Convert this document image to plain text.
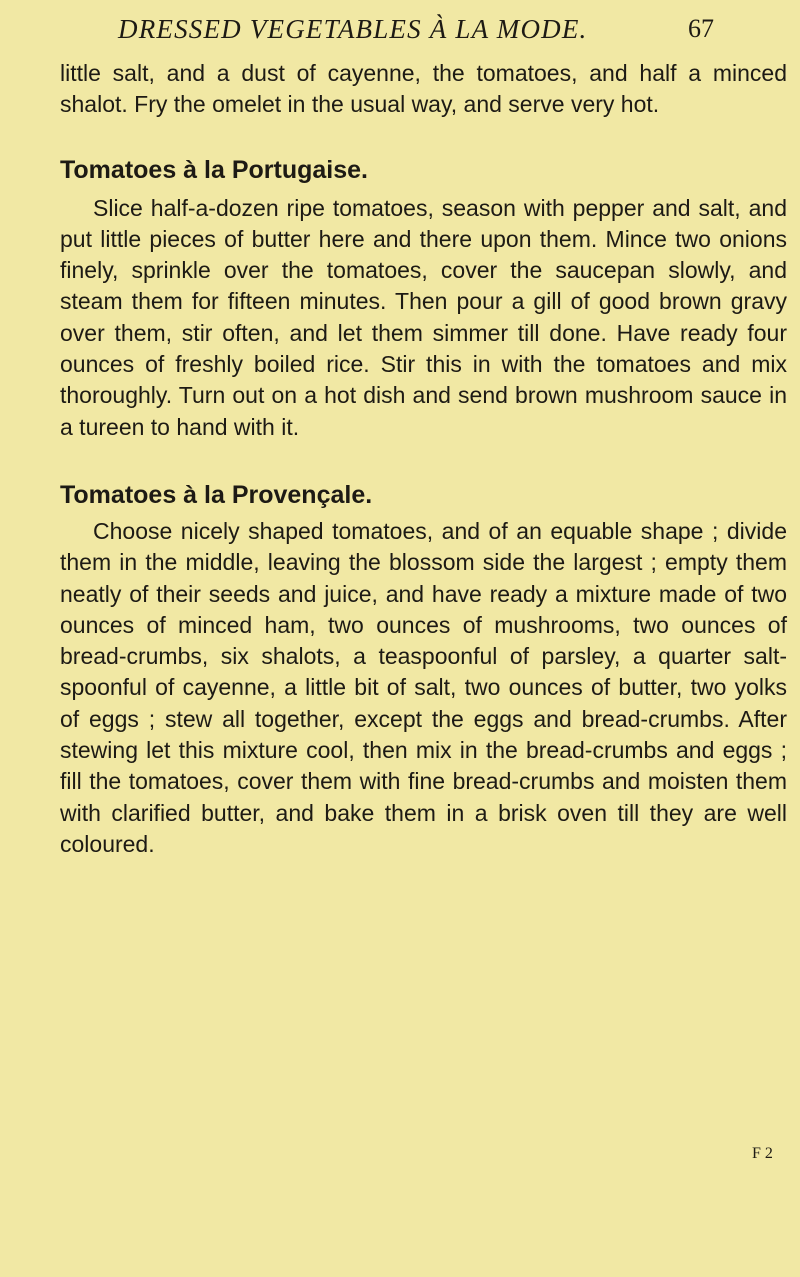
DRESSED VEGETABLES À LA MODE.	67

little salt, and a dust of cayenne, the tomatoes, and half a minced shalot. Fry the omelet in the usual way, and serve very hot.

Tomatoes à la Portugaise.

Slice half-a-dozen ripe tomatoes, season with pepper and salt, and put little pieces of butter here and there upon them. Mince two onions finely, sprinkle over the tomatoes, cover the saucepan slowly, and steam them for fifteen minutes. Then pour a gill of good brown gravy over them, stir often, and let them simmer till done. Have ready four ounces of freshly boiled rice. Stir this in with the tomatoes and mix thoroughly. Turn out on a hot dish and send brown mushroom sauce in a tureen to hand with it.

Tomatoes à la Provençale.

Choose nicely shaped tomatoes, and of an equable shape ; divide them in the middle, leaving the blossom side the largest ; empty them neatly of their seeds and juice, and have ready a mixture made of two ounces of minced ham, two ounces of mushrooms, two ounces of bread-crumbs, six shalots, a teaspoonful of parsley, a quarter salt-spoonful of cayenne, a little bit of salt, two ounces of butter, two yolks of eggs ; stew all together, except the eggs and bread-crumbs. After stewing let this mixture cool, then mix in the bread-crumbs and eggs ; fill the tomatoes, cover them with fine bread-crumbs and moisten them with clarified butter, and bake them in a brisk oven till they are well coloured.

F 2
